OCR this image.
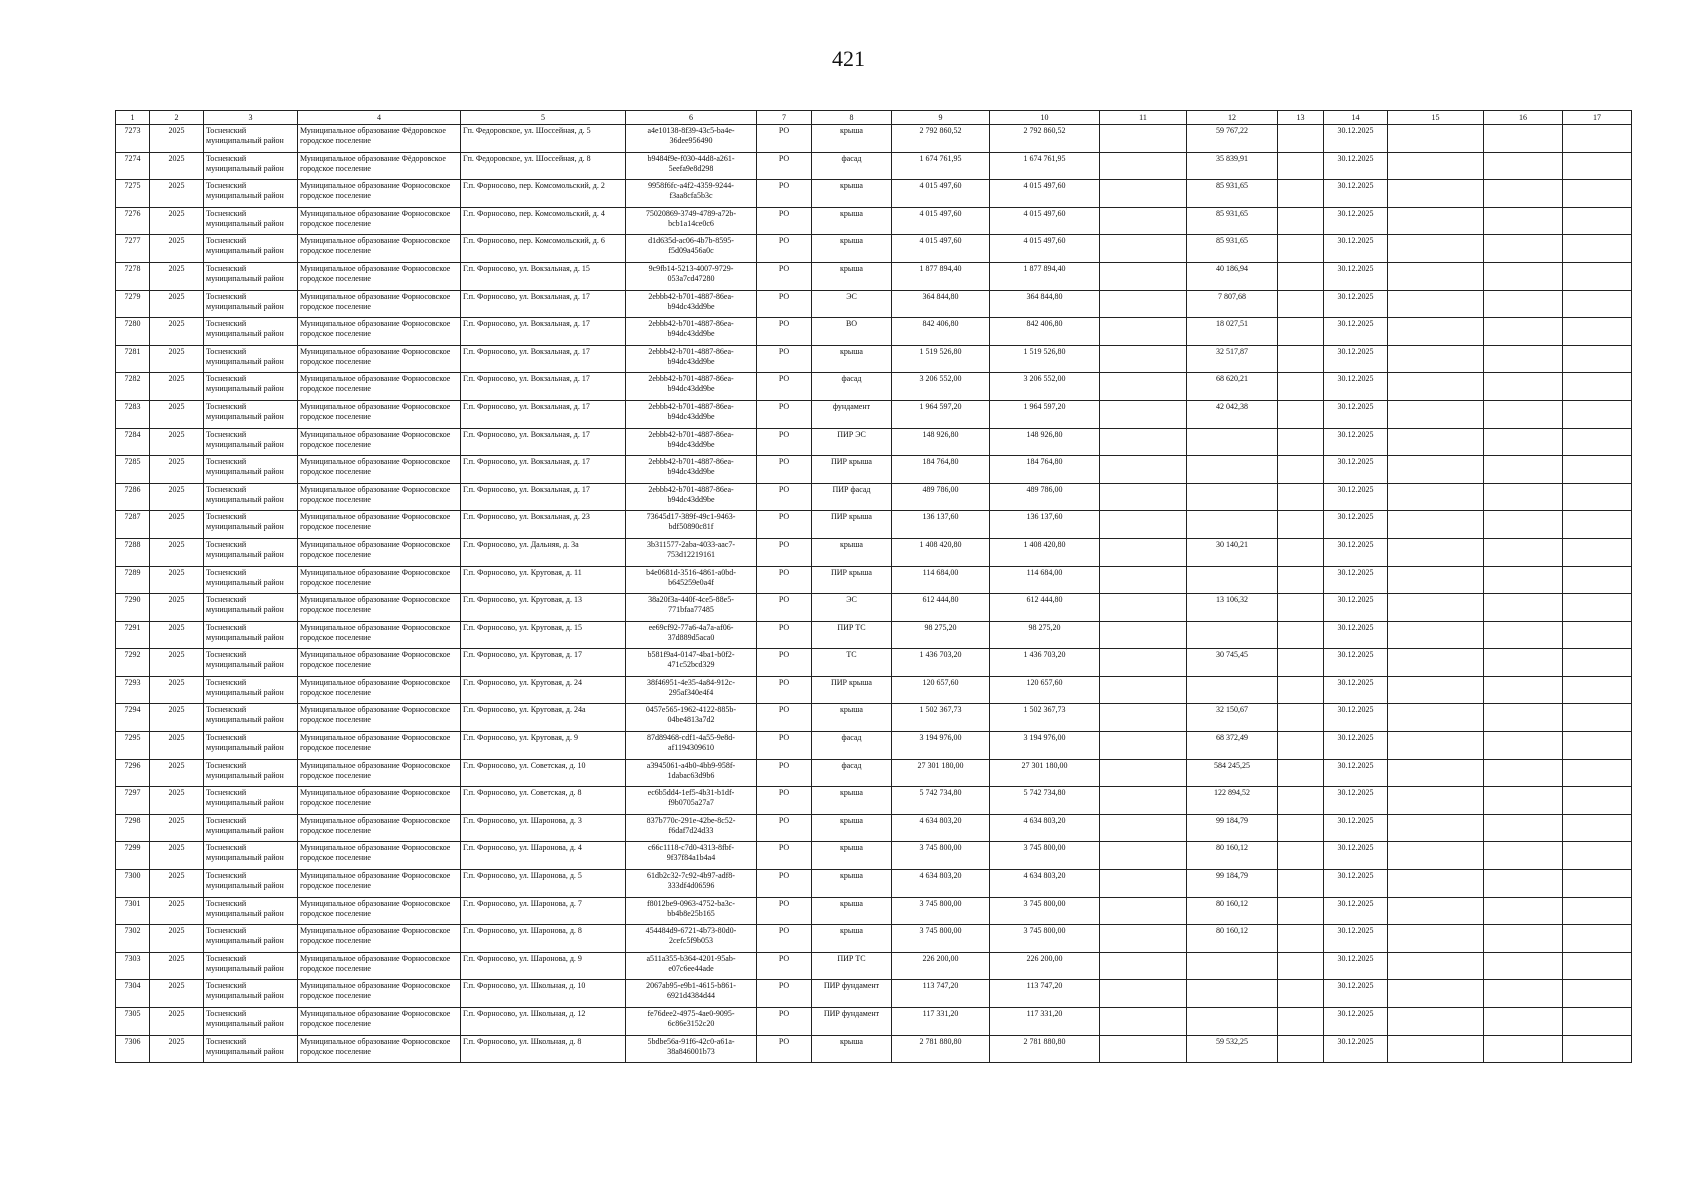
421
1	2	3	4	5	6	7	8	9	10	11	12	13	14	15	16	17
7273	2025	Тосненский муниципальный район	Муниципальное образование Фёдоровское городское поселение	Гп. Федоровское, ул. Шоссейная, д. 5	a4e10138-8f39-43c5-ba4e-36dee956490	РО	крыша	2 792 860,52	2 792 860,52		59 767,22		30.12.2025			
7274	2025	Тосненский муниципальный район	Муниципальное образование Фёдоровское городское поселение	Гп. Федоровское, ул. Шоссейная, д. 8	b9484f9e-f030-44d8-a261-5eefa9e8d298	РО	фасад	1 674 761,95	1 674 761,95		35 839,91		30.12.2025			
7275	2025	Тосненский муниципальный район	Муниципальное образование Форносовское городское поселение	Г.п. Форносово, пер. Комсомольский, д. 2	9958f6fc-a4f2-4359-9244-f3aa8cfa5b3c	РО	крыша	4 015 497,60	4 015 497,60		85 931,65		30.12.2025			
7276	2025	Тосненский муниципальный район	Муниципальное образование Форносовское городское поселение	Г.п. Форносово, пер. Комсомольский, д. 4	75020869-3749-4789-a72b-bcb1a14ce0c6	РО	крыша	4 015 497,60	4 015 497,60		85 931,65		30.12.2025			
7277	2025	Тосненский муниципальный район	Муниципальное образование Форносовское городское поселение	Г.п. Форносово, пер. Комсомольский, д. 6	d1d635d-ac06-4b7b-8595-f5d09a456a0c	РО	крыша	4 015 497,60	4 015 497,60		85 931,65		30.12.2025			
7278	2025	Тосненский муниципальный район	Муниципальное образование Форносовское городское поселение	Г.п. Форносово, ул. Вокзальная, д. 15	9c9fb14-5213-4007-9729-053a7cd47280	РО	крыша	1 877 894,40	1 877 894,40		40 186,94		30.12.2025			
7279	2025	Тосненский муниципальный район	Муниципальное образование Форносовское городское поселение	Г.п. Форносово, ул. Вокзальная, д. 17	2ebbb42-b701-4887-86ea-b94dc43dd9be	РО	ЭС	364 844,80	364 844,80		7 807,68		30.12.2025			
7280	2025	Тосненский муниципальный район	Муниципальное образование Форносовское городское поселение	Г.п. Форносово, ул. Вокзальная, д. 17	2ebbb42-b701-4887-86ea-b94dc43dd9be	РО	ВО	842 406,80	842 406,80		18 027,51		30.12.2025			
7281	2025	Тосненский муниципальный район	Муниципальное образование Форносовское городское поселение	Г.п. Форносово, ул. Вокзальная, д. 17	2ebbb42-b701-4887-86ea-b94dc43dd9be	РО	крыша	1 519 526,80	1 519 526,80		32 517,87		30.12.2025			
7282	2025	Тосненский муниципальный район	Муниципальное образование Форносовское городское поселение	Г.п. Форносово, ул. Вокзальная, д. 17	2ebbb42-b701-4887-86ea-b94dc43dd9be	РО	фасад	3 206 552,00	3 206 552,00		68 620,21		30.12.2025			
7283	2025	Тосненский муниципальный район	Муниципальное образование Форносовское городское поселение	Г.п. Форносово, ул. Вокзальная, д. 17	2ebbb42-b701-4887-86ea-b94dc43dd9be	РО	фундамент	1 964 597,20	1 964 597,20		42 042,38		30.12.2025			
7284	2025	Тосненский муниципальный район	Муниципальное образование Форносовское городское поселение	Г.п. Форносово, ул. Вокзальная, д. 17	2ebbb42-b701-4887-86ea-b94dc43dd9be	РО	ПИР ЭС	148 926,80	148 926,80				30.12.2025			
7285	2025	Тосненский муниципальный район	Муниципальное образование Форносовское городское поселение	Г.п. Форносово, ул. Вокзальная, д. 17	2ebbb42-b701-4887-86ea-b94dc43dd9be	РО	ПИР крыша	184 764,80	184 764,80				30.12.2025			
7286	2025	Тосненский муниципальный район	Муниципальное образование Форносовское городское поселение	Г.п. Форносово, ул. Вокзальная, д. 17	2ebbb42-b701-4887-86ea-b94dc43dd9be	РО	ПИР фасад	489 786,00	489 786,00				30.12.2025			
7287	2025	Тосненский муниципальный район	Муниципальное образование Форносовское городское поселение	Г.п. Форносово, ул. Вокзальная, д. 23	73645d17-389f-49c1-9463-bdf50890c81f	РО	ПИР крыша	136 137,60	136 137,60				30.12.2025			
7288	2025	Тосненский муниципальный район	Муниципальное образование Форносовское городское поселение	Г.п. Форносово, ул. Дальняя, д. 3а	3b311577-2aba-4033-aac7-753d12219161	РО	крыша	1 408 420,80	1 408 420,80		30 140,21		30.12.2025			
7289	2025	Тосненский муниципальный район	Муниципальное образование Форносовское городское поселение	Г.п. Форносово, ул. Круговая, д. 11	b4e0681d-3516-4861-a0bd-b645259e0a4f	РО	ПИР крыша	114 684,00	114 684,00				30.12.2025			
7290	2025	Тосненский муниципальный район	Муниципальное образование Форносовское городское поселение	Г.п. Форносово, ул. Круговая, д. 13	38a20f3a-440f-4ce5-88e5-771bfaa77485	РО	ЭС	612 444,80	612 444,80		13 106,32		30.12.2025			
7291	2025	Тосненский муниципальный район	Муниципальное образование Форносовское городское поселение	Г.п. Форносово, ул. Круговая, д. 15	ee69cf92-77a6-4a7a-af06-37d889d5aca0	РО	ПИР ТС	98 275,20	98 275,20				30.12.2025			
7292	2025	Тосненский муниципальный район	Муниципальное образование Форносовское городское поселение	Г.п. Форносово, ул. Круговая, д. 17	b581f9a4-0147-4ba1-b0f2-471c52bcd329	РО	ТС	1 436 703,20	1 436 703,20		30 745,45		30.12.2025			
7293	2025	Тосненский муниципальный район	Муниципальное образование Форносовское городское поселение	Г.п. Форносово, ул. Круговая, д. 24	38f46951-4e35-4a84-912c-295af340e4f4	РО	ПИР крыша	120 657,60	120 657,60				30.12.2025			
7294	2025	Тосненский муниципальный район	Муниципальное образование Форносовское городское поселение	Г.п. Форносово, ул. Круговая, д. 24а	0457e565-1962-4122-885b-04be4813a7d2	РО	крыша	1 502 367,73	1 502 367,73		32 150,67		30.12.2025			
7295	2025	Тосненский муниципальный район	Муниципальное образование Форносовское городское поселение	Г.п. Форносово, ул. Круговая, д. 9	87d89468-cdf1-4a55-9e8d-af1194309610	РО	фасад	3 194 976,00	3 194 976,00		68 372,49		30.12.2025			
7296	2025	Тосненский муниципальный район	Муниципальное образование Форносовское городское поселение	Г.п. Форносово, ул. Советская, д. 10	a3945061-a4b0-4bb9-958f-1dabac63d9b6	РО	фасад	27 301 180,00	27 301 180,00		584 245,25		30.12.2025			
7297	2025	Тосненский муниципальный район	Муниципальное образование Форносовское городское поселение	Г.п. Форносово, ул. Советская, д. 8	ec6b5dd4-1ef5-4b31-b1df-f9b0705a27a7	РО	крыша	5 742 734,80	5 742 734,80		122 894,52		30.12.2025			
7298	2025	Тосненский муниципальный район	Муниципальное образование Форносовское городское поселение	Г.п. Форносово, ул. Шаронова, д. 3	837b770c-291e-42be-8c52-f6daf7d24d33	РО	крыша	4 634 803,20	4 634 803,20		99 184,79		30.12.2025			
7299	2025	Тосненский муниципальный район	Муниципальное образование Форносовское городское поселение	Г.п. Форносово, ул. Шаронова, д. 4	c66c1118-c7d0-4313-8fbf-9f37f84a1b4a4	РО	крыша	3 745 800,00	3 745 800,00		80 160,12		30.12.2025			
7300	2025	Тосненский муниципальный район	Муниципальное образование Форносовское городское поселение	Г.п. Форносово, ул. Шаронова, д. 5	61db2c32-7c92-4b97-adf8-333df4d06596	РО	крыша	4 634 803,20	4 634 803,20		99 184,79		30.12.2025			
7301	2025	Тосненский муниципальный район	Муниципальное образование Форносовское городское поселение	Г.п. Форносово, ул. Шаронова, д. 7	f8012be9-0963-4752-ba3c-bb4b8e25b165	РО	крыша	3 745 800,00	3 745 800,00		80 160,12		30.12.2025			
7302	2025	Тосненский муниципальный район	Муниципальное образование Форносовское городское поселение	Г.п. Форносово, ул. Шаронова, д. 8	454484d9-6721-4b73-80d0-2cefc5f9b053	РО	крыша	3 745 800,00	3 745 800,00		80 160,12		30.12.2025			
7303	2025	Тосненский муниципальный район	Муниципальное образование Форносовское городское поселение	Г.п. Форносово, ул. Шаронова, д. 9	a511a355-b364-4201-95ab-e07c6ee44ade	РО	ПИР ТС	226 200,00	226 200,00				30.12.2025			
7304	2025	Тосненский муниципальный район	Муниципальное образование Форносовское городское поселение	Г.п. Форносово, ул. Школьная, д. 10	2067ab95-e9b1-4615-b861-6921d4384d44	РО	ПИР фундамент	113 747,20	113 747,20				30.12.2025			
7305	2025	Тосненский муниципальный район	Муниципальное образование Форносовское городское поселение	Г.п. Форносово, ул. Школьная, д. 12	fe76dee2-4975-4ae0-9095-6c86e3152c20	РО	ПИР фундамент	117 331,20	117 331,20				30.12.2025			
7306	2025	Тосненский муниципальный район	Муниципальное образование Форносовское городское поселение	Г.п. Форносово, ул. Школьная, д. 8	5bdbe56a-91f6-42c0-a61a-38a846001b73	РО	крыша	2 781 880,80	2 781 880,80		59 532,25		30.12.2025			
